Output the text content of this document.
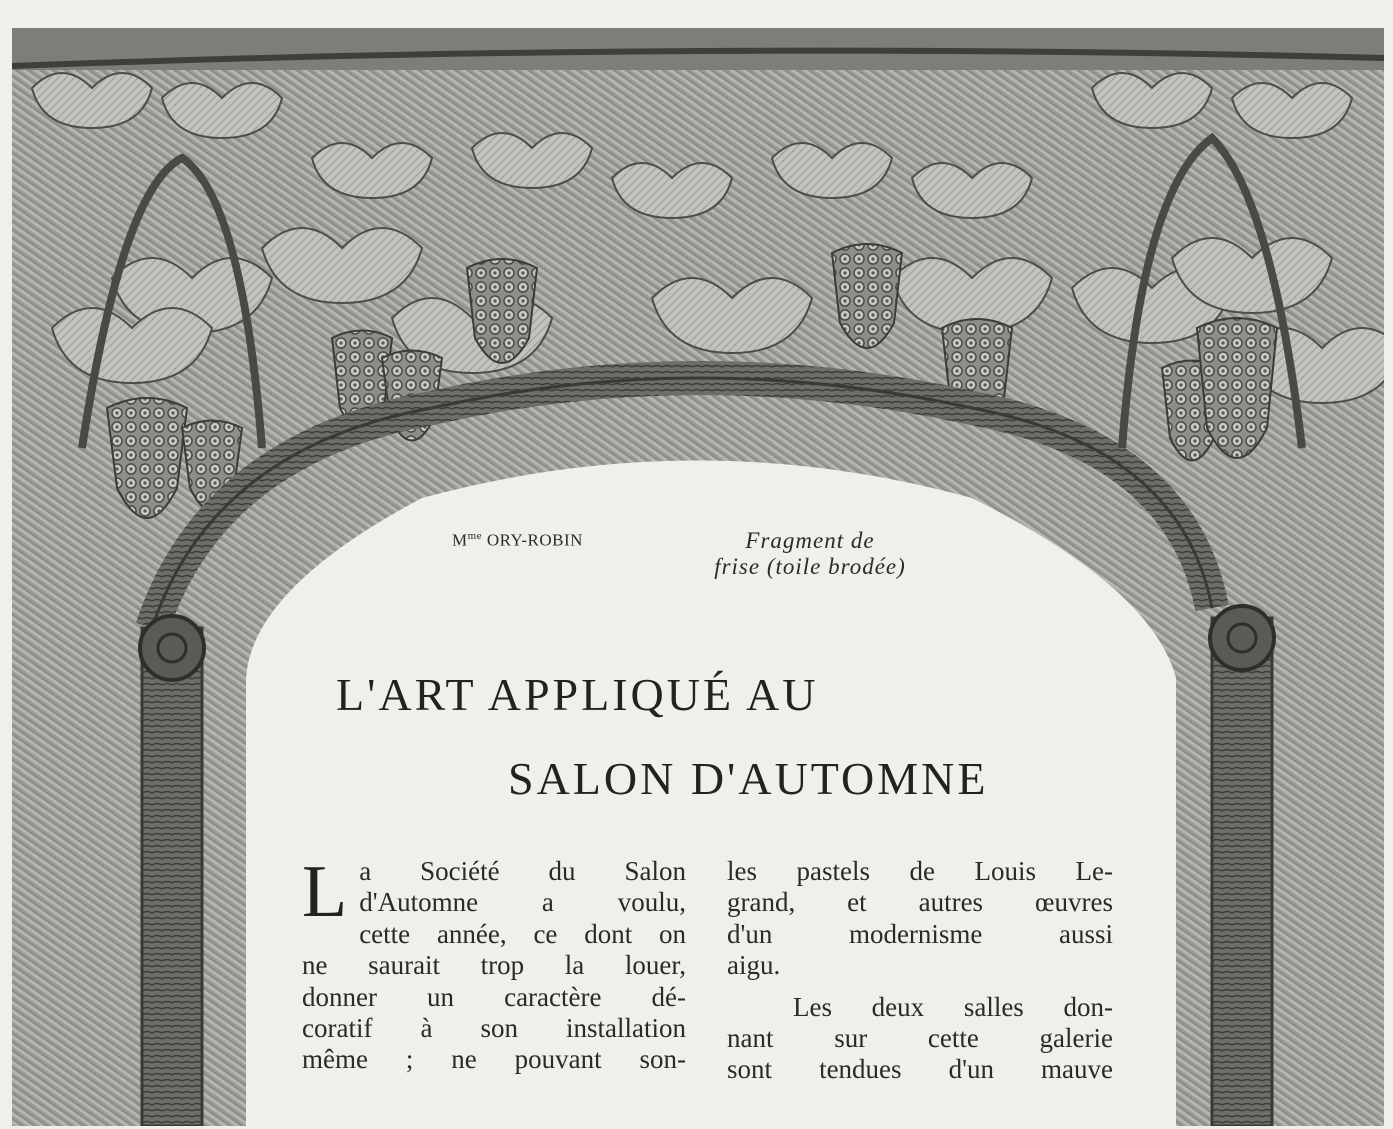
$M^{me}$ ORY-ROBIN	Fragment de
frise (toile brodée)
L'ART APPLIQUÉ AU
SALON D'AUTOMNE
L a Société du Salon
d'Automne a voulu,
cette année, ce dont on
ne saurait trop la louer,
donner un caractère dé-
coratif à son installation
même ; ne pouvant son-
les pastels de Louis Le-
grand, et autres œuvres
d'un modernisme aussi
aigu.
Les deux salles don-
nant sur cette galerie
sont tendues d'un mauve
